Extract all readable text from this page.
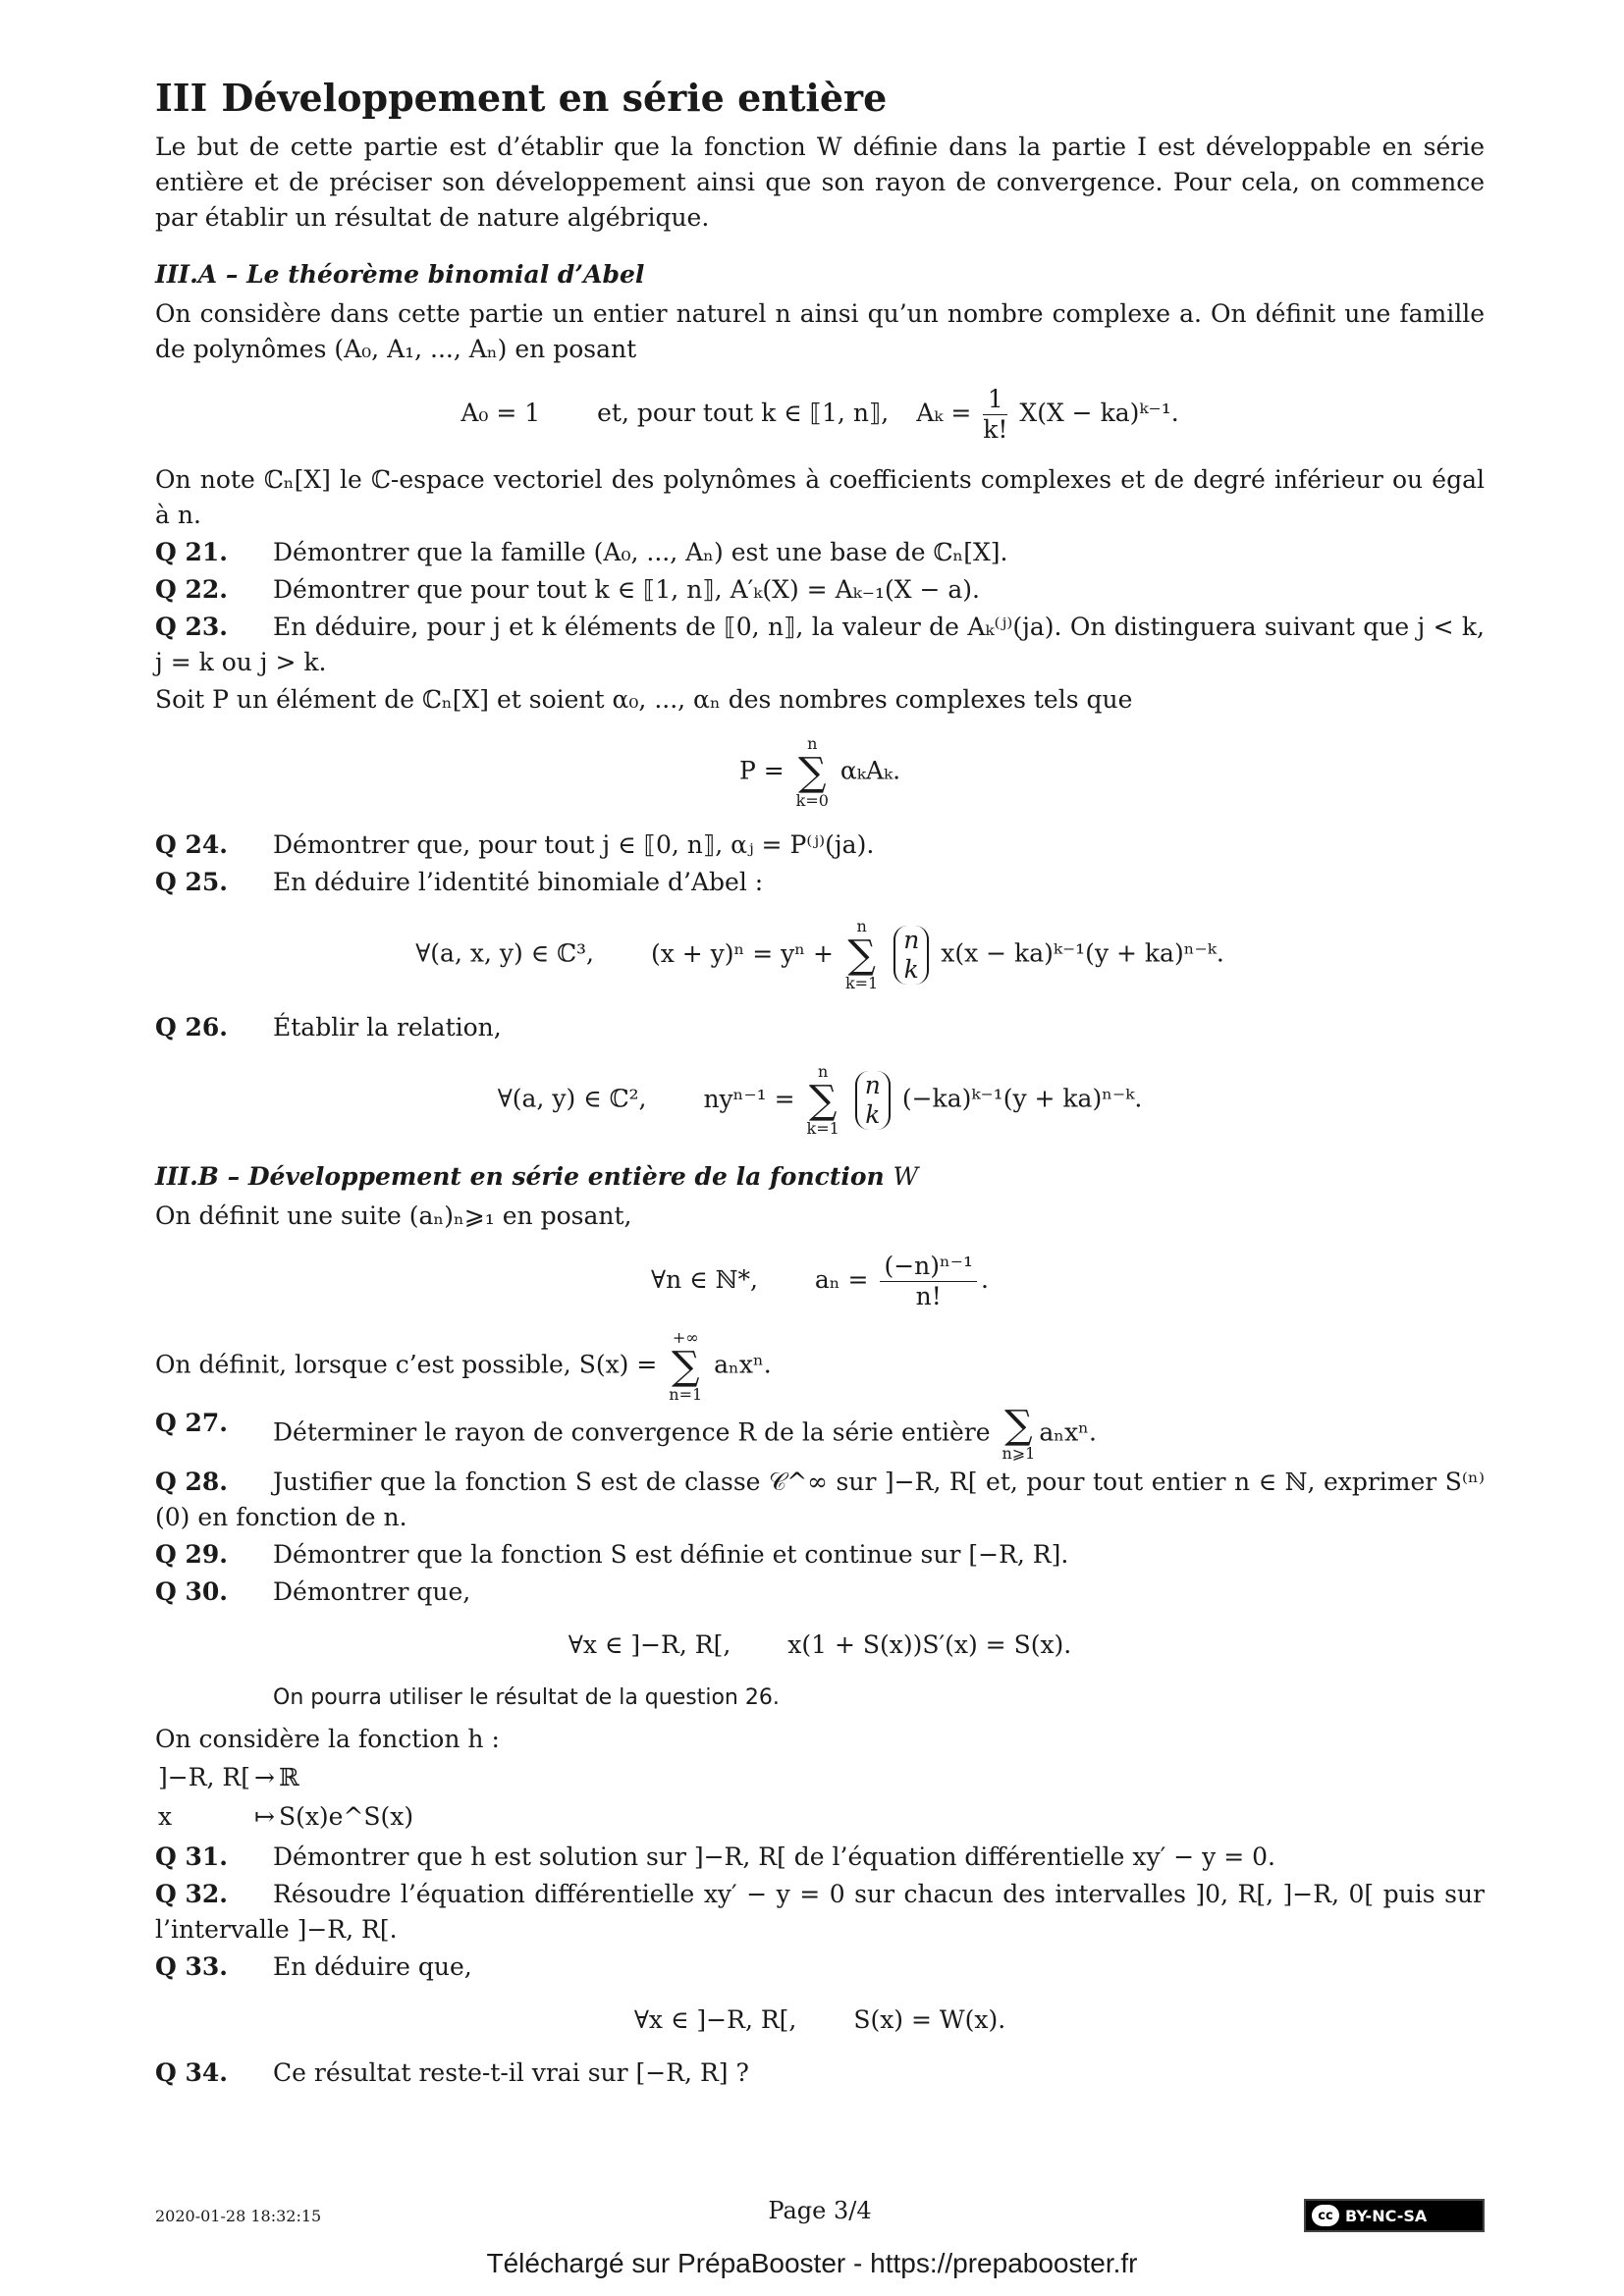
III Développement en série entière

Le but de cette partie est d’établir que la fonction W définie dans la partie I est développable en série entière et de préciser son développement ainsi que son rayon de convergence. Pour cela, on commence par établir un résultat de nature algébrique.

III.A – Le théorème binomial d’Abel

On considère dans cette partie un entier naturel n ainsi qu’un nombre complexe a. On définit une famille de polynômes (A₀, A₁, ..., Aₙ) en posant

A₀ = 1 et, pour tout k ∈ ⟦1, n⟧, $A_k = \frac{1}{k!} X(X$ − ka)ᵏ⁻¹.

On note ℂₙ[X] le ℂ-espace vectoriel des polynômes à coefficients complexes et de degré inférieur ou égal à n.

Q 21.	Démontrer que la famille (A₀, ..., Aₙ) est une base de ℂₙ[X].
Q 22.	Démontrer que pour tout k ∈ ⟦1, n⟧, A′ₖ(X) = Aₖ₋₁(X − a).
Q 23. En déduire, pour j et k éléments de ⟦0, n⟧, la valeur de Aₖ⁽ʲ⁾(ja). On distinguera suivant que j < k, j = k ou j > k.

Soit P un élément de ℂₙ[X] et soient α₀, ..., αₙ des nombres complexes tels que

P =
n
∑
k=0
αₖAₖ.
Q 24.	Démontrer que, pour tout j ∈ ⟦0, n⟧, αⱼ = P⁽ʲ⁾(ja).
Q 25.	En déduire l’identité binomiale d’Abel :
∀(a, x, y) ∈ ℂ³, (x + y)ⁿ = yⁿ +
n
∑
k=1

n
k
x(x − ka)ᵏ⁻¹(y + ka)ⁿ⁻ᵏ.
Q 26.	Établir la relation,
∀(a, y) ∈ ℂ², nyⁿ⁻¹ =
n
∑
k=1

n
k
(−ka)ᵏ⁻¹(y + ka)ⁿ⁻ᵏ.
III.B – Développement en série entière de la fonction W

On définit une suite (aₙ)ₙ⩾₁ en posant,

∀n ∈ ℕ*, $a_n = \frac{\text{(−n)ⁿ⁻¹}}{n!}$ .

On définit, lorsque c’est possible, S(x) =
+∞
∑
n=1
aₙxⁿ.

Q 27.	Déterminer le rayon de convergence R de la série entière ∑
n⩾1
aₙxⁿ.
Q 28. Justifier que la fonction S est de classe 𝒞^∞ sur ]−R, R[ et, pour tout entier n ∈ ℕ, exprimer S⁽ⁿ⁾(0) en fonction de n.
Q 29.	Démontrer que la fonction S est définie et continue sur [−R, R].
Q 30.	Démontrer que,
∀x ∈ ]−R, R[, x(1 + S(x))S′(x) = S(x).
On pourra utiliser le résultat de la question 26.

On considère la fonction h :

]−R, R[	→	ℝ
x	↦	S(x)e^S(x)

Q 31.	Démontrer que h est solution sur ]−R, R[ de l’équation différentielle xy′ − y = 0.
Q 32. Résoudre l’équation différentielle xy′ − y = 0 sur chacun des intervalles ]0, R[, ]−R, 0[ puis sur l’intervalle ]−R, R[.
Q 33.	En déduire que,
∀x ∈ ]−R, R[, S(x) = W(x).
Q 34.	Ce résultat reste-t-il vrai sur [−R, R] ?
2020-01-28 18:32:15	Page 3/4	cc BY-NC-SA
Téléchargé sur PrépaBooster - https://prepabooster.fr
